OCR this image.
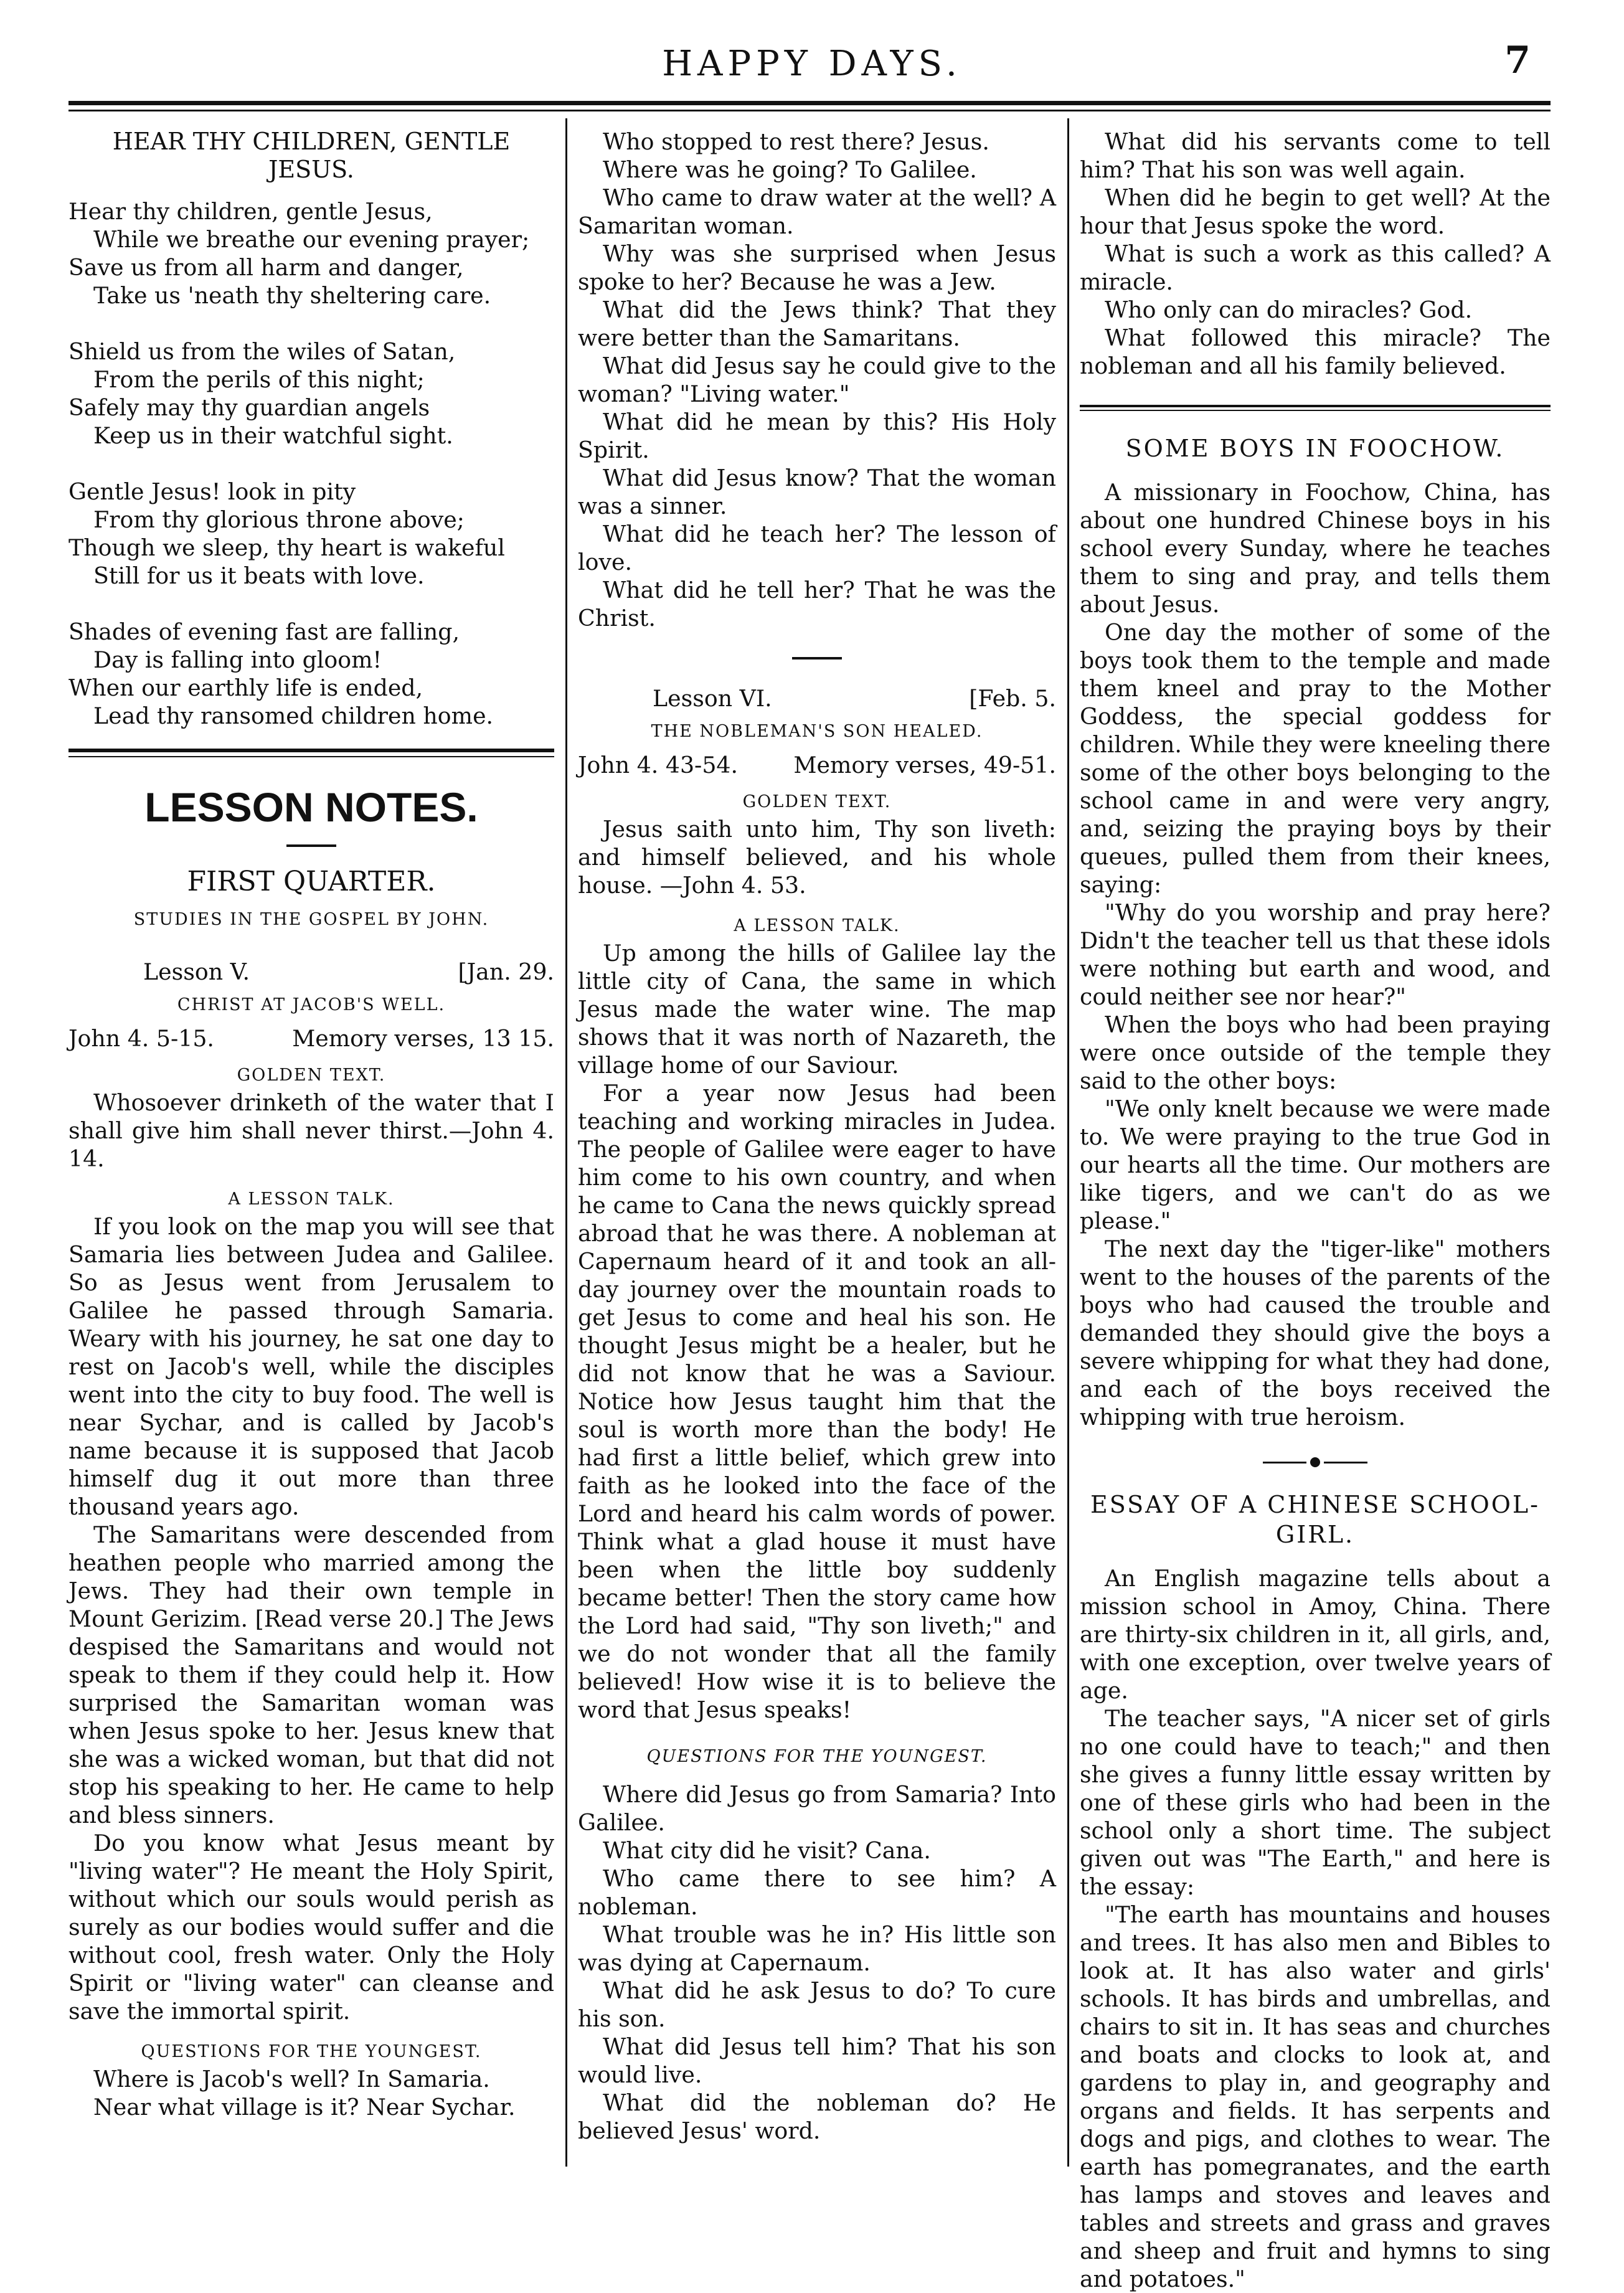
HAPPY DAYS.	7
HEAR THY CHILDREN, GENTLE JESUS.
Hear thy children, gentle Jesus,
While we breathe our evening prayer;
Save us from all harm and danger,
Take us 'neath thy sheltering care.
Shield us from the wiles of Satan,
From the perils of this night;
Safely may thy guardian angels
Keep us in their watchful sight.
Gentle Jesus! look in pity
From thy glorious throne above;
Though we sleep, thy heart is wakeful
Still for us it beats with love.
Shades of evening fast are falling,
Day is falling into gloom!
When our earthly life is ended,
Lead thy ransomed children home.
LESSON NOTES.
FIRST QUARTER.
STUDIES IN THE GOSPEL BY JOHN.
Lesson V.	[Jan. 29.
CHRIST AT JACOB'S WELL.
John 4. 5-15.	Memory verses, 13 15.
GOLDEN TEXT.

Whosoever drinketh of the water that I shall give him shall never thirst.—John 4. 14.

A LESSON TALK.

If you look on the map you will see that Samaria lies between Judea and Galilee. So as Jesus went from Jerusalem to Galilee he passed through Samaria. Weary with his journey, he sat one day to rest on Jacob's well, while the disciples went into the city to buy food. The well is near Sychar, and is called by Jacob's name because it is supposed that Jacob himself dug it out more than three thousand years ago.

The Samaritans were descended from heathen people who married among the Jews. They had their own temple in Mount Gerizim. [Read verse 20.] The Jews despised the Samaritans and would not speak to them if they could help it. How surprised the Samaritan woman was when Jesus spoke to her. Jesus knew that she was a wicked woman, but that did not stop his speaking to her. He came to help and bless sinners.

Do you know what Jesus meant by "living water"? He meant the Holy Spirit, without which our souls would perish as surely as our bodies would suffer and die without cool, fresh water. Only the Holy Spirit or "living water" can cleanse and save the immortal spirit.

QUESTIONS FOR THE YOUNGEST.

Where is Jacob's well? In Samaria.

Near what village is it? Near Sychar.

Who stopped to rest there? Jesus.

Where was he going? To Galilee.

Who came to draw water at the well? A Samaritan woman.

Why was she surprised when Jesus spoke to her? Because he was a Jew.

What did the Jews think? That they were better than the Samaritans.

What did Jesus say he could give to the woman? "Living water."

What did he mean by this? His Holy Spirit.

What did Jesus know? That the woman was a sinner.

What did he teach her? The lesson of love.

What did he tell her? That he was the Christ.

Lesson VI.	[Feb. 5.
THE NOBLEMAN'S SON HEALED.
John 4. 43-54. Memory verses, 49-51.
GOLDEN TEXT.

Jesus saith unto him, Thy son liveth: and himself believed, and his whole house. —John 4. 53.

A LESSON TALK.

Up among the hills of Galilee lay the little city of Cana, the same in which Jesus made the water wine. The map shows that it was north of Nazareth, the village home of our Saviour.

For a year now Jesus had been teaching and working miracles in Judea. The people of Galilee were eager to have him come to his own country, and when he came to Cana the news quickly spread abroad that he was there. A nobleman at Capernaum heard of it and took an all-day journey over the mountain roads to get Jesus to come and heal his son. He thought Jesus might be a healer, but he did not know that he was a Saviour. Notice how Jesus taught him that the soul is worth more than the body! He had first a little belief, which grew into faith as he looked into the face of the Lord and heard his calm words of power. Think what a glad house it must have been when the little boy suddenly became better! Then the story came how the Lord had said, "Thy son liveth;" and we do not wonder that all the family believed! How wise it is to believe the word that Jesus speaks!

QUESTIONS FOR THE YOUNGEST.

Where did Jesus go from Samaria? Into Galilee.

What city did he visit? Cana.

Who came there to see him? A nobleman.

What trouble was he in? His little son was dying at Capernaum.

What did he ask Jesus to do? To cure his son.

What did Jesus tell him? That his son would live.

What did the nobleman do? He believed Jesus' word.

What did his servants come to tell him? That his son was well again.

When did he begin to get well? At the hour that Jesus spoke the word.

What is such a work as this called? A miracle.

Who only can do miracles? God.

What followed this miracle? The nobleman and all his family believed.

SOME BOYS IN FOOCHOW.

A missionary in Foochow, China, has about one hundred Chinese boys in his school every Sunday, where he teaches them to sing and pray, and tells them about Jesus.

One day the mother of some of the boys took them to the temple and made them kneel and pray to the Mother Goddess, the special goddess for children. While they were kneeling there some of the other boys belonging to the school came in and were very angry, and, seizing the praying boys by their queues, pulled them from their knees, saying:

"Why do you worship and pray here? Didn't the teacher tell us that these idols were nothing but earth and wood, and could neither see nor hear?"

When the boys who had been praying were once outside of the temple they said to the other boys:

"We only knelt because we were made to. We were praying to the true God in our hearts all the time. Our mothers are like tigers, and we can't do as we please."

The next day the "tiger-like" mothers went to the houses of the parents of the boys who had caused the trouble and demanded they should give the boys a severe whipping for what they had done, and each of the boys received the whipping with true heroism.

ESSAY OF A CHINESE SCHOOL-GIRL.

An English magazine tells about a mission school in Amoy, China. There are thirty-six children in it, all girls, and, with one exception, over twelve years of age.

The teacher says, "A nicer set of girls no one could have to teach;" and then she gives a funny little essay written by one of these girls who had been in the school only a short time. The subject given out was "The Earth," and here is the essay:

"The earth has mountains and houses and trees. It has also men and Bibles to look at. It has also water and girls' schools. It has birds and umbrellas, and chairs to sit in. It has seas and churches and boats and clocks to look at, and gardens to play in, and geography and organs and fields. It has serpents and dogs and pigs, and clothes to wear. The earth has pomegranates, and the earth has lamps and stoves and leaves and tables and streets and grass and graves and sheep and fruit and hymns to sing and potatoes."
